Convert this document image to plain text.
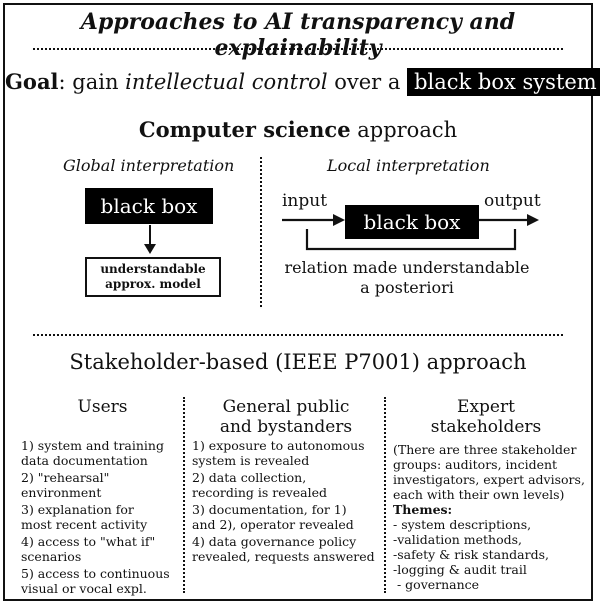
Approaches to AI transparency and explainability
Goal: gain intellectual control over a black box system
Computer science approach
Global interpretation
black box
understandable
approx. model
Local interpretation
input	output
black box
relation made understandable
a posteriori
Stakeholder-based (IEEE P7001) approach
Users
1) system and training
data documentation
2) "rehearsal"
environment
3) explanation for
most recent activity
4) access to "what if"
scenarios
5) access to continuous
visual or vocal expl.
General public
and bystanders
1) exposure to autonomous
system is revealed
2) data collection,
recording is revealed
3) documentation, for 1)
and 2), operator revealed
4) data governance policy
revealed, requests answered
Expert
stakeholders
(There are three stakeholder
groups: auditors, incident
investigators, expert advisors,
each with their own levels)
Themes:
- system descriptions,
-validation methods,
-safety & risk standards,
-logging & audit trail
- governance
